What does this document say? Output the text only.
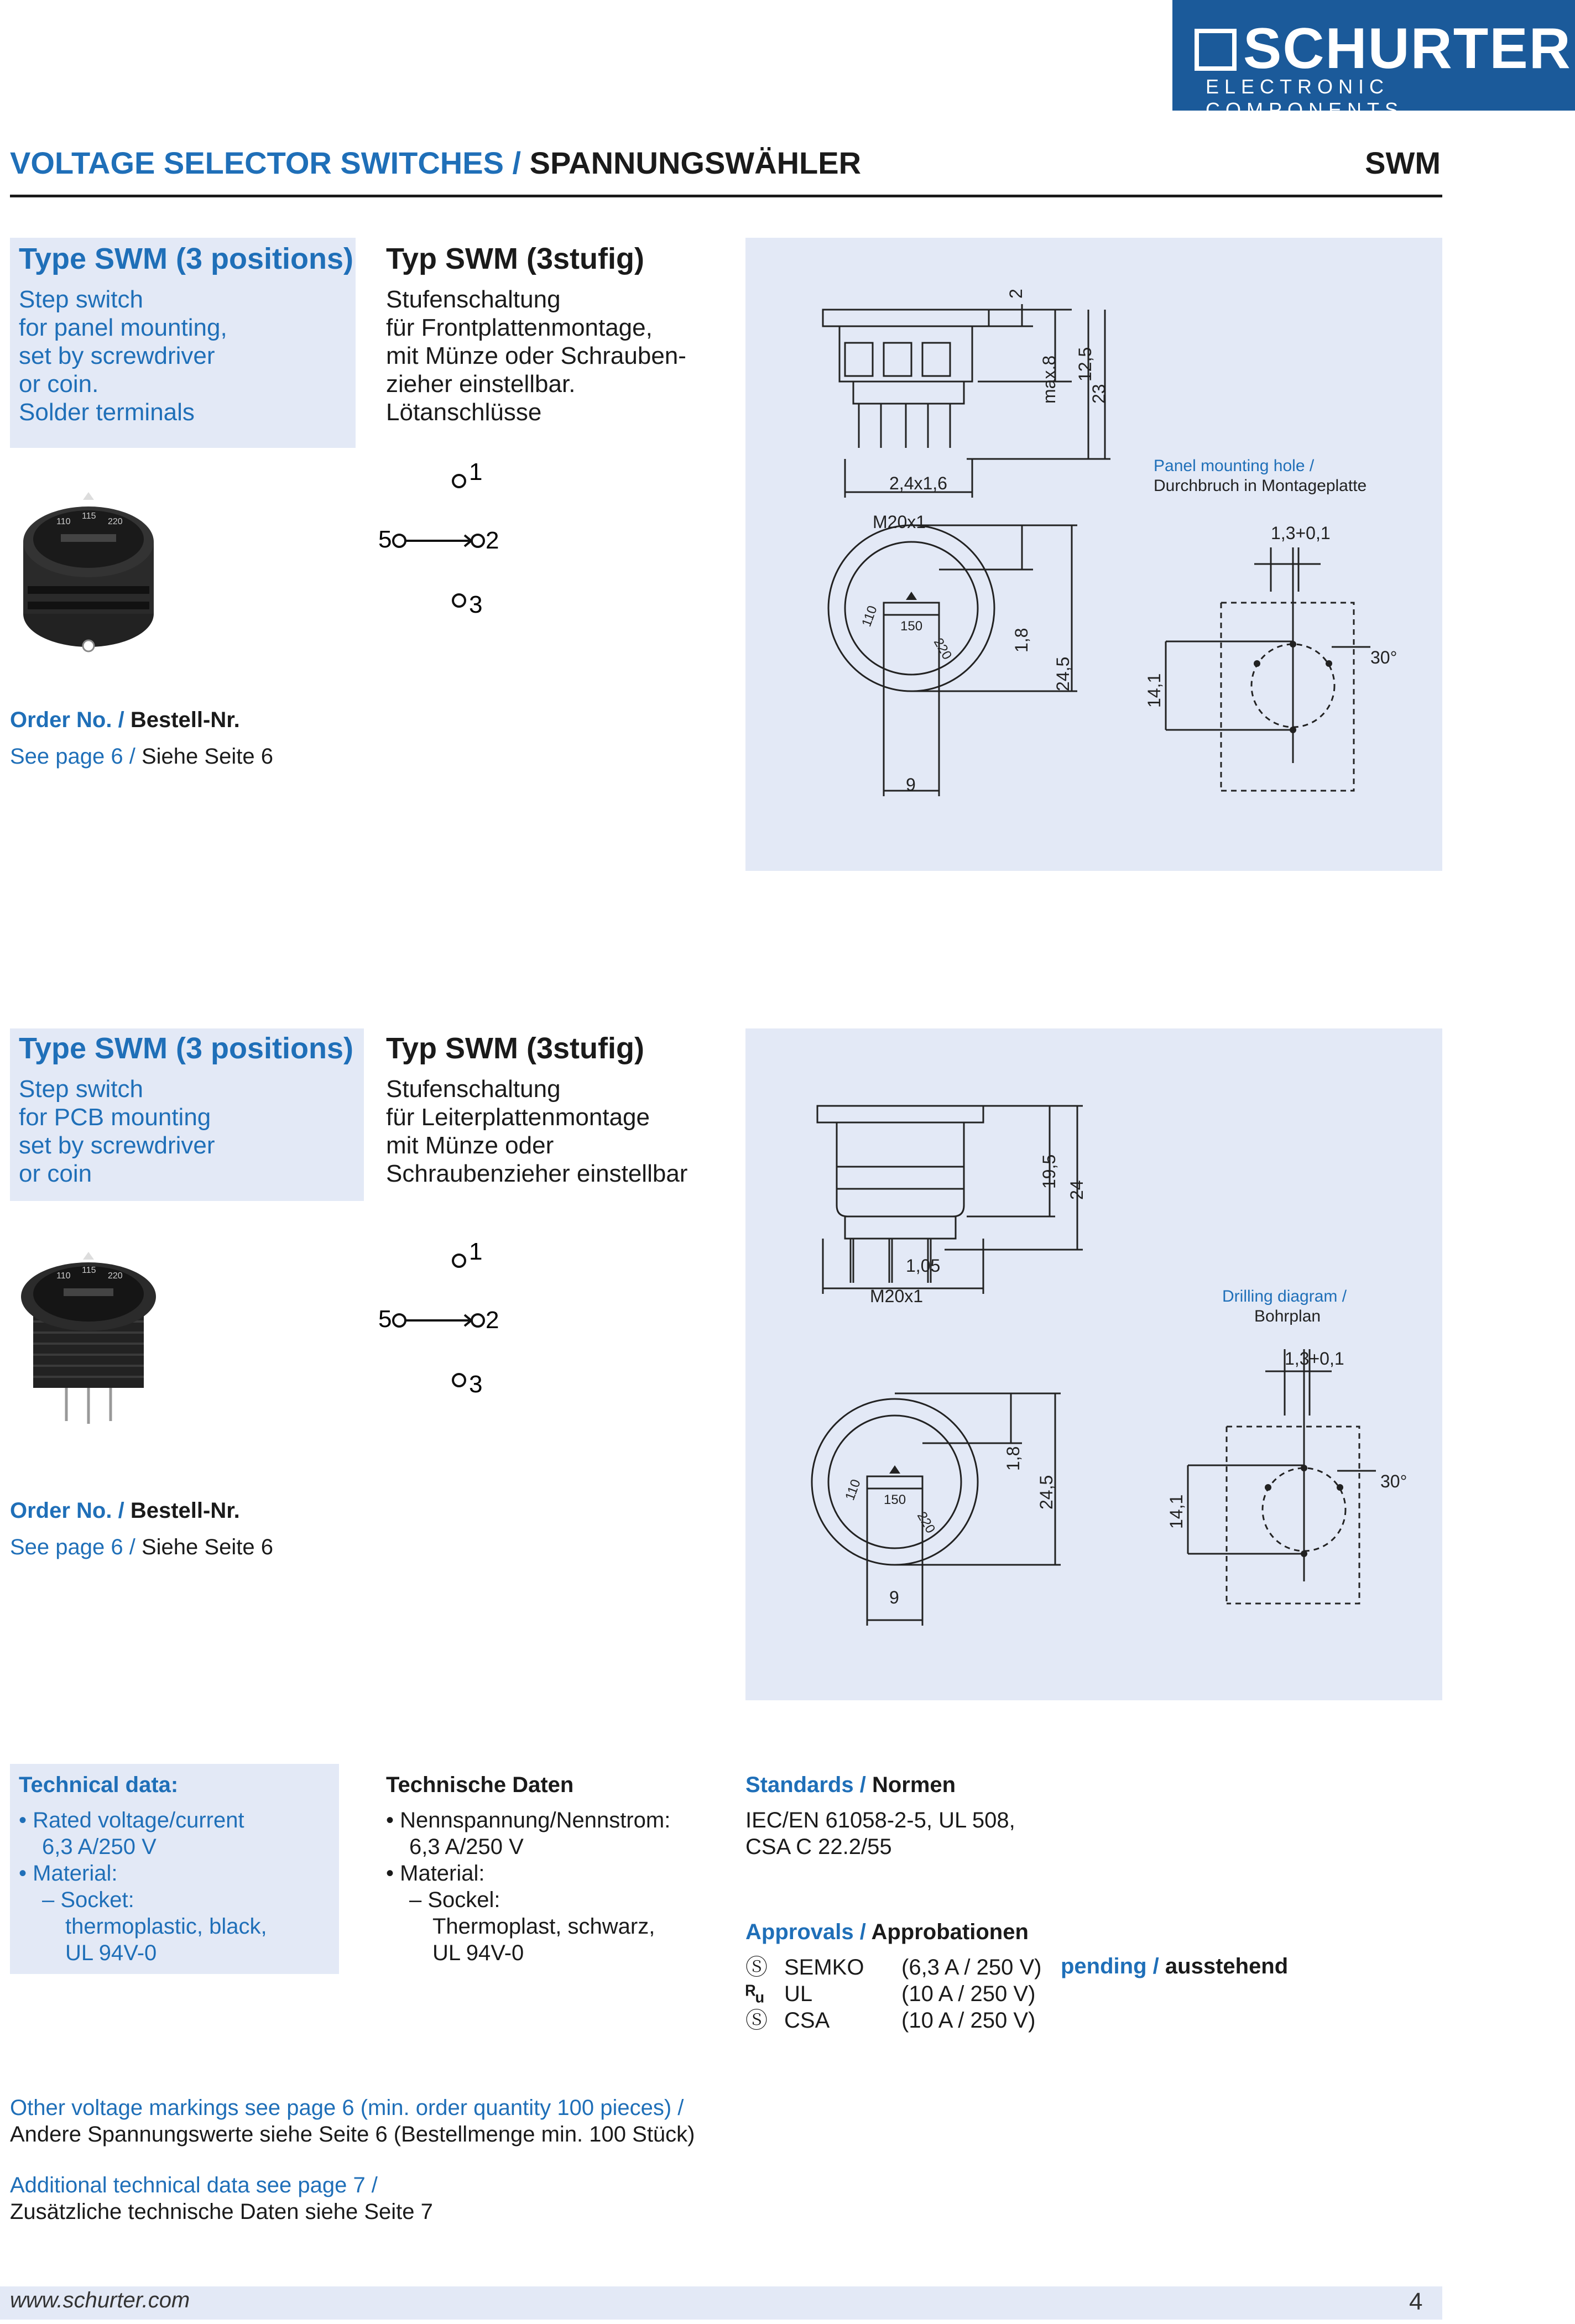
SCHURTER
ELECTRONIC COMPONENTS
VOLTAGE SELECTOR SWITCHES / SPANNUNGSWÄHLER	SWM
Type SWM (3 positions)
Step switch
for panel mounting,
set by screwdriver
or coin.
Solder terminals
Typ SWM (3stufig)
Stufenschaltung
für Frontplattenmontage,
mit Münze oder Schrauben-
zieher einstellbar.
Lötanschlüsse
110
115
220
1
5	2
3
Order No. / Bestell-Nr.
See page 6 / Siehe Seite 6
2
max.8 12,5
23
2,4x1,6
M20x1
1,3+0,1
1,8
24,5	14,1
30°
9
110 150
220
Panel mounting hole /
Durchbruch in Montageplatte
Type SWM (3 positions)
Step switch
for PCB mounting
set by screwdriver
or coin
Typ SWM (3stufig)
Stufenschaltung
für Leiterplattenmontage
mit Münze oder
Schraubenzieher einstellbar
110
115
220
1
5	2
3
Order No. / Bestell-Nr.
See page 6 / Siehe Seite 6
19,5
24
1,05
M20x1
1,3+0,1
1,8
24,5
14,1
30°
9
110 150
220
Drilling diagram /
Bohrplan
Technical data:
• Rated voltage/current
6,3 A/250 V
• Material:
– Socket:
thermoplastic, black,
UL 94V-0
Technische Daten
• Nennspannung/Nennstrom:
6,3 A/250 V
• Material:
– Sockel:
Thermoplast, schwarz,
UL 94V-0
Standards / Normen
IEC/EN 61058-2-5, UL 508,
CSA C 22.2/55
Approvals / Approbationen
Ⓢ SEMKO	(6,3 A / 250 V)
ᴿᵤ UL	(10 A / 250 V)
Ⓢ CSA	(10 A / 250 V)
pending / ausstehend
Other voltage markings see page 6 (min. order quantity 100 pieces) /
Andere Spannungswerte siehe Seite 6 (Bestellmenge min. 100 Stück)
Additional technical data see page 7 /
Zusätzliche technische Daten siehe Seite 7
www.schurter.com	4
